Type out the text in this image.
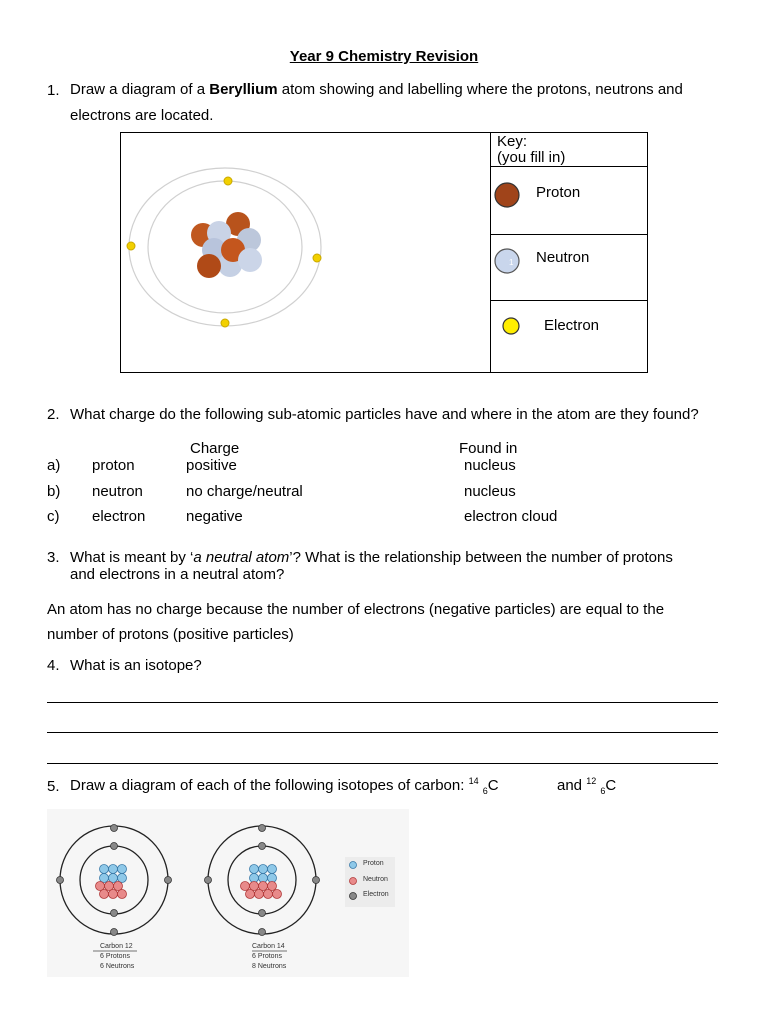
Year 9 Chemistry Revision
1. Draw a diagram of a Beryllium atom showing and labelling where the protons, neutrons and
electrons are located.
Key:
(you fill in)
1
Proton
Neutron
Electron
2. What charge do the following sub-atomic particles have and where in the atom are they found?
Charge	Found in
a) proton	positive	nucleus
b) neutron	no charge/neutral	nucleus
c) electron	negative	electron cloud
3. What is meant by ‘a neutral atom’? What is the relationship between the number of protons
and electrons in a neutral atom?
An atom has no charge because the number of electrons (negative particles) are equal to the
number of protons (positive particles)
4. What is an isotope?
5. Draw a diagram of each of the following isotopes of carbon: $^{14}$ $_6$C	and $^{12}$ $_6$C
Proton
Neutron
Electron
Carbon 12
6 Protons
6 Neutrons
Carbon 14
6 Protons
8 Neutrons
